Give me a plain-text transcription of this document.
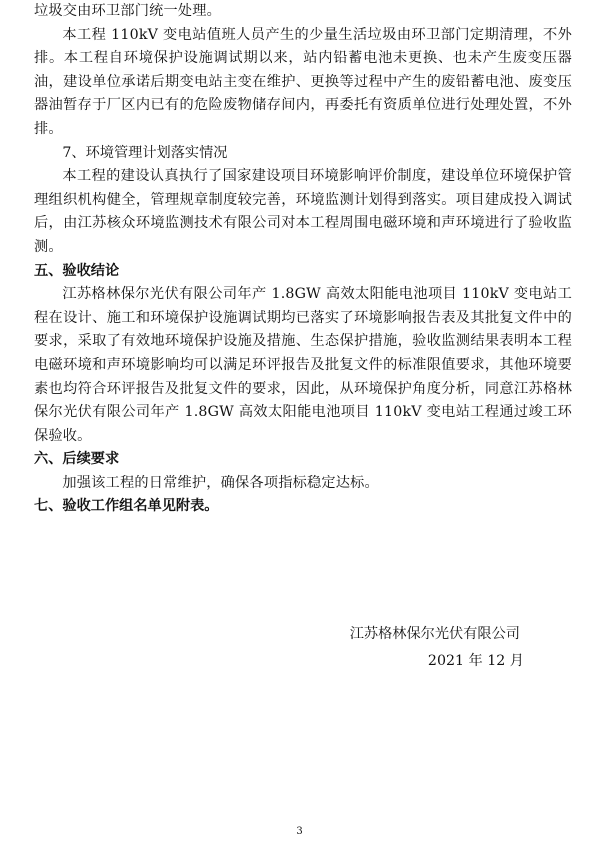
垃圾交由环卫部门统一处理。

本工程 110kV 变电站值班人员产生的少量生活垃圾由环卫部门定期清理，不外排。本工程自环境保护设施调试期以来，站内铅蓄电池未更换、也未产生废变压器油，建设单位承诺后期变电站主变在维护、更换等过程中产生的废铅蓄电池、废变压器油暂存于厂区内已有的危险废物储存间内，再委托有资质单位进行处理处置，不外排。

7、环境管理计划落实情况

本工程的建设认真执行了国家建设项目环境影响评价制度，建设单位环境保护管理组织机构健全，管理规章制度较完善，环境监测计划得到落实。项目建成投入调试后，由江苏核众环境监测技术有限公司对本工程周围电磁环境和声环境进行了验收监测。

五、验收结论

江苏格林保尔光伏有限公司年产 1.8GW 高效太阳能电池项目 110kV 变电站工程在设计、施工和环境保护设施调试期均已落实了环境影响报告表及其批复文件中的要求，采取了有效地环境保护设施及措施、生态保护措施，验收监测结果表明本工程电磁环境和声环境影响均可以满足环评报告及批复文件的标准限值要求，其他环境要素也均符合环评报告及批复文件的要求，因此，从环境保护角度分析，同意江苏格林保尔光伏有限公司年产 1.8GW 高效太阳能电池项目 110kV 变电站工程通过竣工环保验收。

六、后续要求

加强该工程的日常维护，确保各项指标稳定达标。

七、验收工作组名单见附表。

江苏格林保尔光伏有限公司
2021 年 12 月
3
